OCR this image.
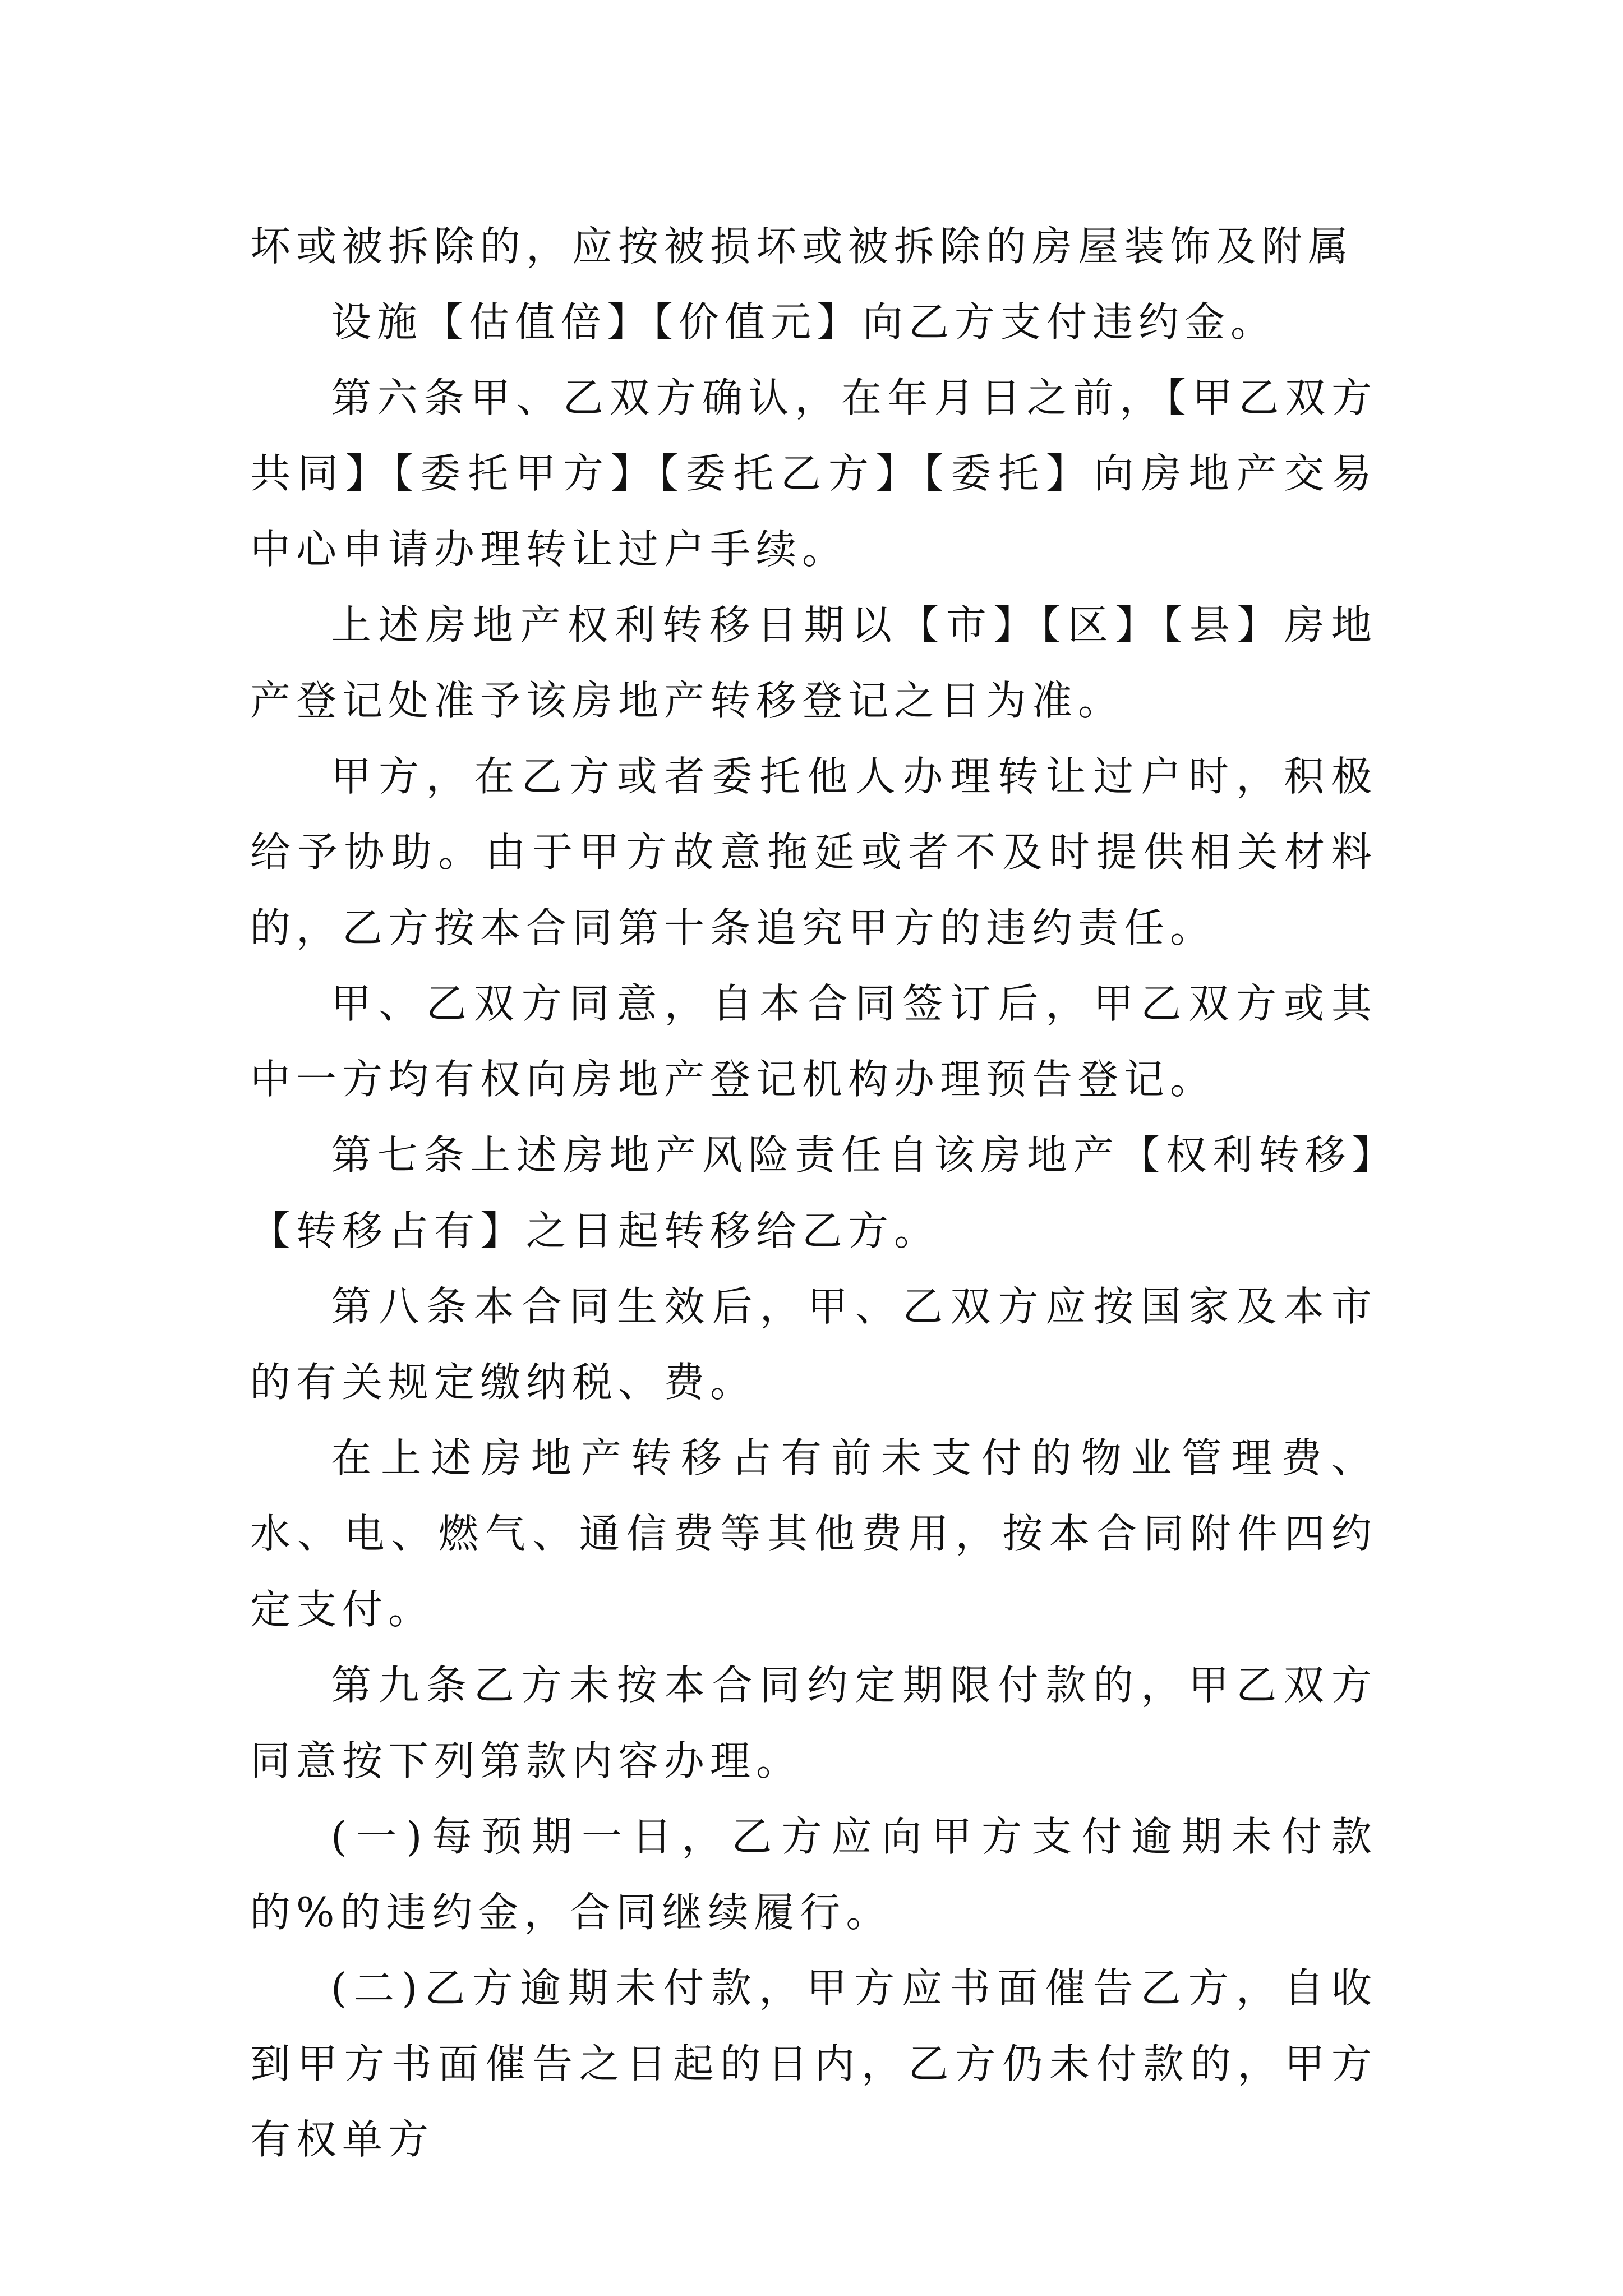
坏或被拆除的，应按被损坏或被拆除的房屋装饰及附属

设施【估值倍】【价值元】向乙方支付违约金。

第六条甲、乙双方确认，在年月日之前，【甲乙双方共同】【委托甲方】【委托乙方】【委托】向房地产交易中心申请办理转让过户手续。

上述房地产权利转移日期以【市】【区】【县】房地产登记处准予该房地产转移登记之日为准。

甲方，在乙方或者委托他人办理转让过户时，积极给予协助。由于甲方故意拖延或者不及时提供相关材料的，乙方按本合同第十条追究甲方的违约责任。

甲、乙双方同意，自本合同签订后，甲乙双方或其中一方均有权向房地产登记机构办理预告登记。

第七条上述房地产风险责任自该房地产【权利转移】【转移占有】之日起转移给乙方。

第八条本合同生效后，甲、乙双方应按国家及本市的有关规定缴纳税、费。

在上述房地产转移占有前未支付的物业管理费、水、电、燃气、通信费等其他费用，按本合同附件四约定支付。

第九条乙方未按本合同约定期限付款的，甲乙双方同意按下列第款内容办理。

(一)每预期一日，乙方应向甲方支付逾期未付款的%的违约金，合同继续履行。

(二)乙方逾期未付款，甲方应书面催告乙方，自收到甲方书面催告之日起的日内，乙方仍未付款的，甲方有权单方
